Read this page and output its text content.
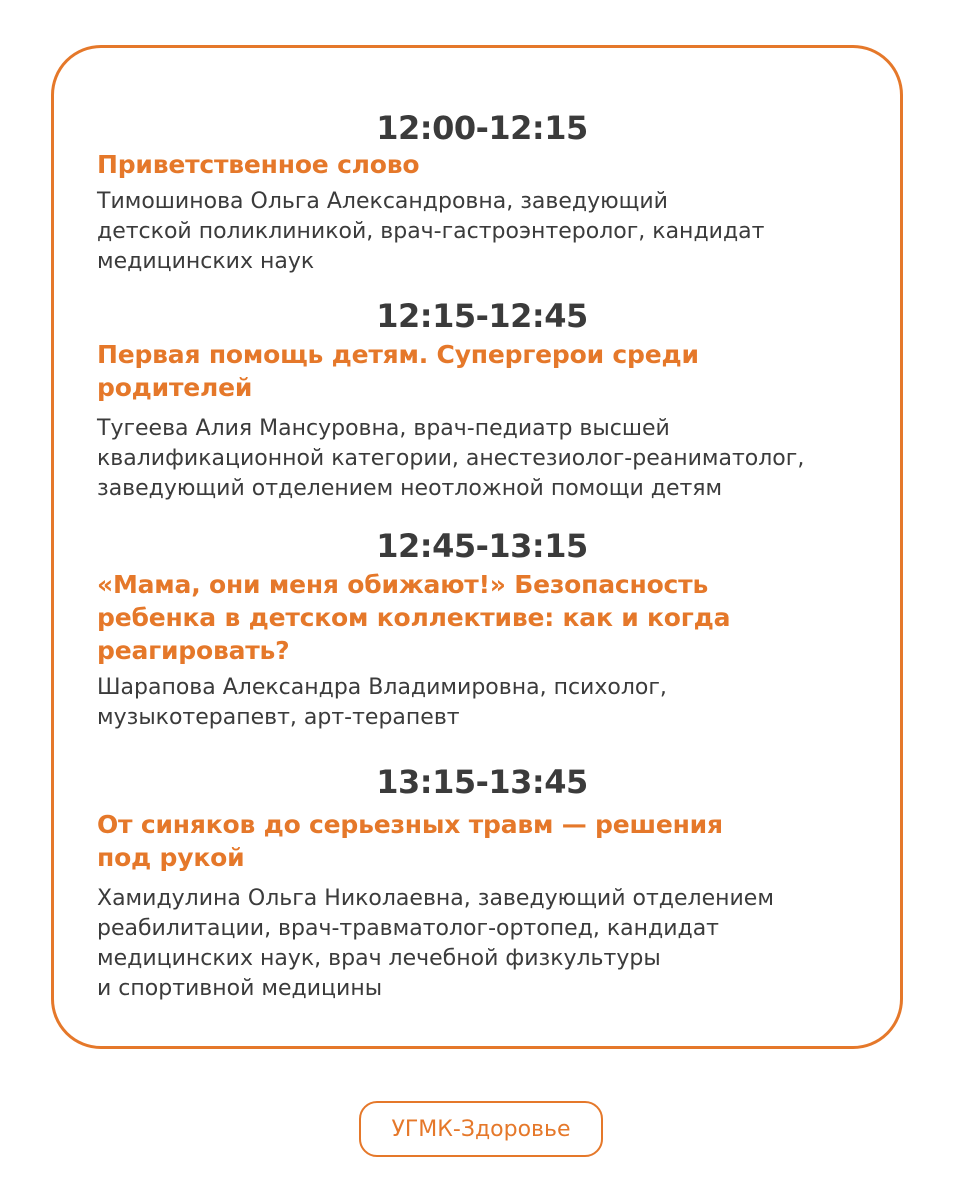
12:00-12:15
Приветственное слово
Тимошинова Ольга Александровна, заведующий
детской поликлиникой, врач-гастроэнтеролог, кандидат
медицинских наук
12:15-12:45
Первая помощь детям. Супергерои среди
родителей
Тугеева Алия Мансуровна, врач-педиатр высшей
квалификационной категории, анестезиолог-реаниматолог,
заведующий отделением неотложной помощи детям
12:45-13:15
«Мама, они меня обижают!» Безопасность
ребенка в детском коллективе: как и когда
реагировать?
Шарапова Александра Владимировна, психолог,
музыкотерапевт, арт-терапевт
13:15-13:45
От синяков до серьезных травм — решения
под рукой
Хамидулина Ольга Николаевна, заведующий отделением
реабилитации, врач-травматолог-ортопед, кандидат
медицинских наук, врач лечебной физкультуры
и спортивной медицины
УГМК-Здоровье
